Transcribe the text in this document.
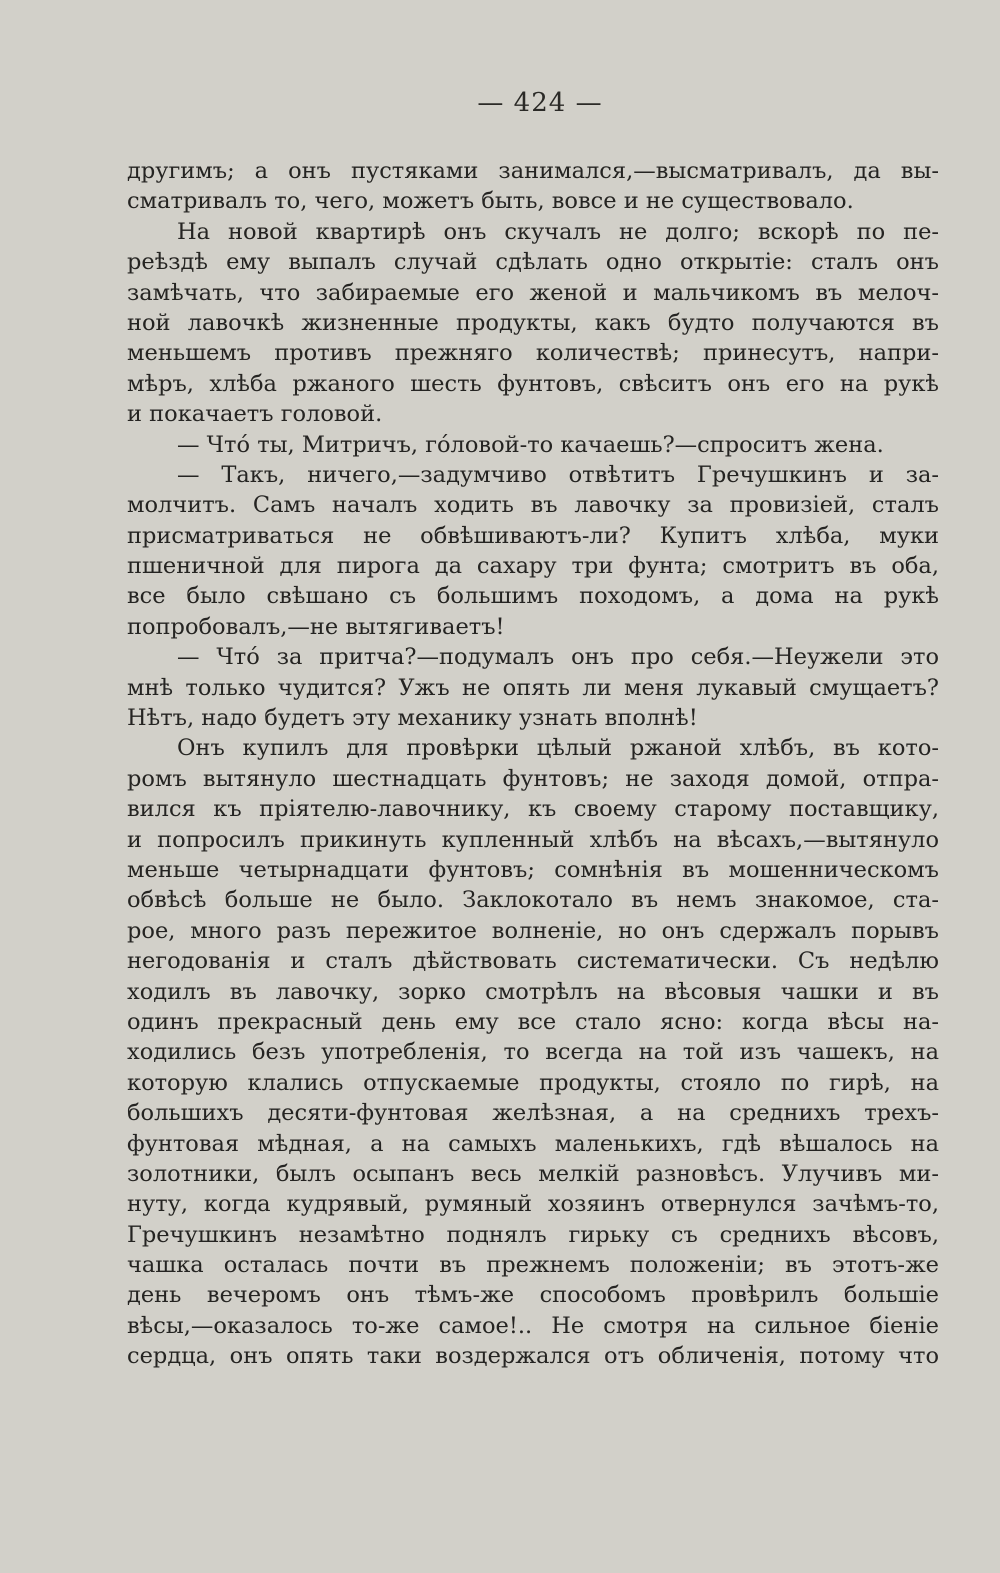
— 424 —
другимъ; а онъ пустяками занимался,—высматривалъ, да вы-
сматривалъ то, чего, можетъ быть, вовсе и не существовало.
На новой квартирѣ онъ скучалъ не долго; вскорѣ по пе-
реѣздѣ ему выпалъ случай сдѣлать одно открытіе: сталъ онъ
замѣчать, что забираемые его женой и мальчикомъ въ мелоч-
ной лавочкѣ жизненные продукты, какъ будто получаются въ
меньшемъ противъ прежняго количествѣ; принесутъ, напри-
мѣръ, хлѣба ржаного шесть фунтовъ, свѣситъ онъ его на рукѣ
и покачаетъ головой.
— Чтó ты, Митричъ, гóловой-то качаешь?—спроситъ жена.
— Такъ, ничего,—задумчиво отвѣтитъ Гречушкинъ и за-
молчитъ. Самъ началъ ходить въ лавочку за провизіей, сталъ
присматриваться не обвѣшиваютъ-ли? Купитъ хлѣба, муки
пшеничной для пирога да сахару три фунта; смотритъ въ оба,
все было свѣшано съ большимъ походомъ, а дома на рукѣ
попробовалъ,—не вытягиваетъ!
— Чтó за притча?—подумалъ онъ про себя.—Неужели это
мнѣ только чудится? Ужъ не опять ли меня лукавый смущаетъ?
Нѣтъ, надо будетъ эту механику узнать вполнѣ!
Онъ купилъ для провѣрки цѣлый ржаной хлѣбъ, въ кото-
ромъ вытянуло шестнадцать фунтовъ; не заходя домой, отпра-
вился къ пріятелю-лавочнику, къ своему старому поставщику,
и попросилъ прикинуть купленный хлѣбъ на вѣсахъ,—вытянуло
меньше четырнадцати фунтовъ; сомнѣнія въ мошенническомъ
обвѣсѣ больше не было. Заклокотало въ немъ знакомое, ста-
рое, много разъ пережитое волненіе, но онъ сдержалъ порывъ
негодованія и сталъ дѣйствовать систематически. Съ недѣлю
ходилъ въ лавочку, зорко смотрѣлъ на вѣсовыя чашки и въ
одинъ прекрасный день ему все стало ясно: когда вѣсы на-
ходились безъ употребленія, то всегда на той изъ чашекъ, на
которую клались отпускаемые продукты, стояло по гирѣ, на
большихъ десяти-фунтовая желѣзная, а на среднихъ трехъ-
фунтовая мѣдная, а на самыхъ маленькихъ, гдѣ вѣшалось на
золотники, былъ осыпанъ весь мелкій разновѣсъ. Улучивъ ми-
нуту, когда кудрявый, румяный хозяинъ отвернулся зачѣмъ-то,
Гречушкинъ незамѣтно поднялъ гирьку съ среднихъ вѣсовъ,
чашка осталась почти въ прежнемъ положеніи; въ этотъ-же
день вечеромъ онъ тѣмъ-же способомъ провѣрилъ большіе
вѣсы,—оказалось то-же самое!.. Не смотря на сильное біеніе
сердца, онъ опять таки воздержался отъ обличенія, потому что
